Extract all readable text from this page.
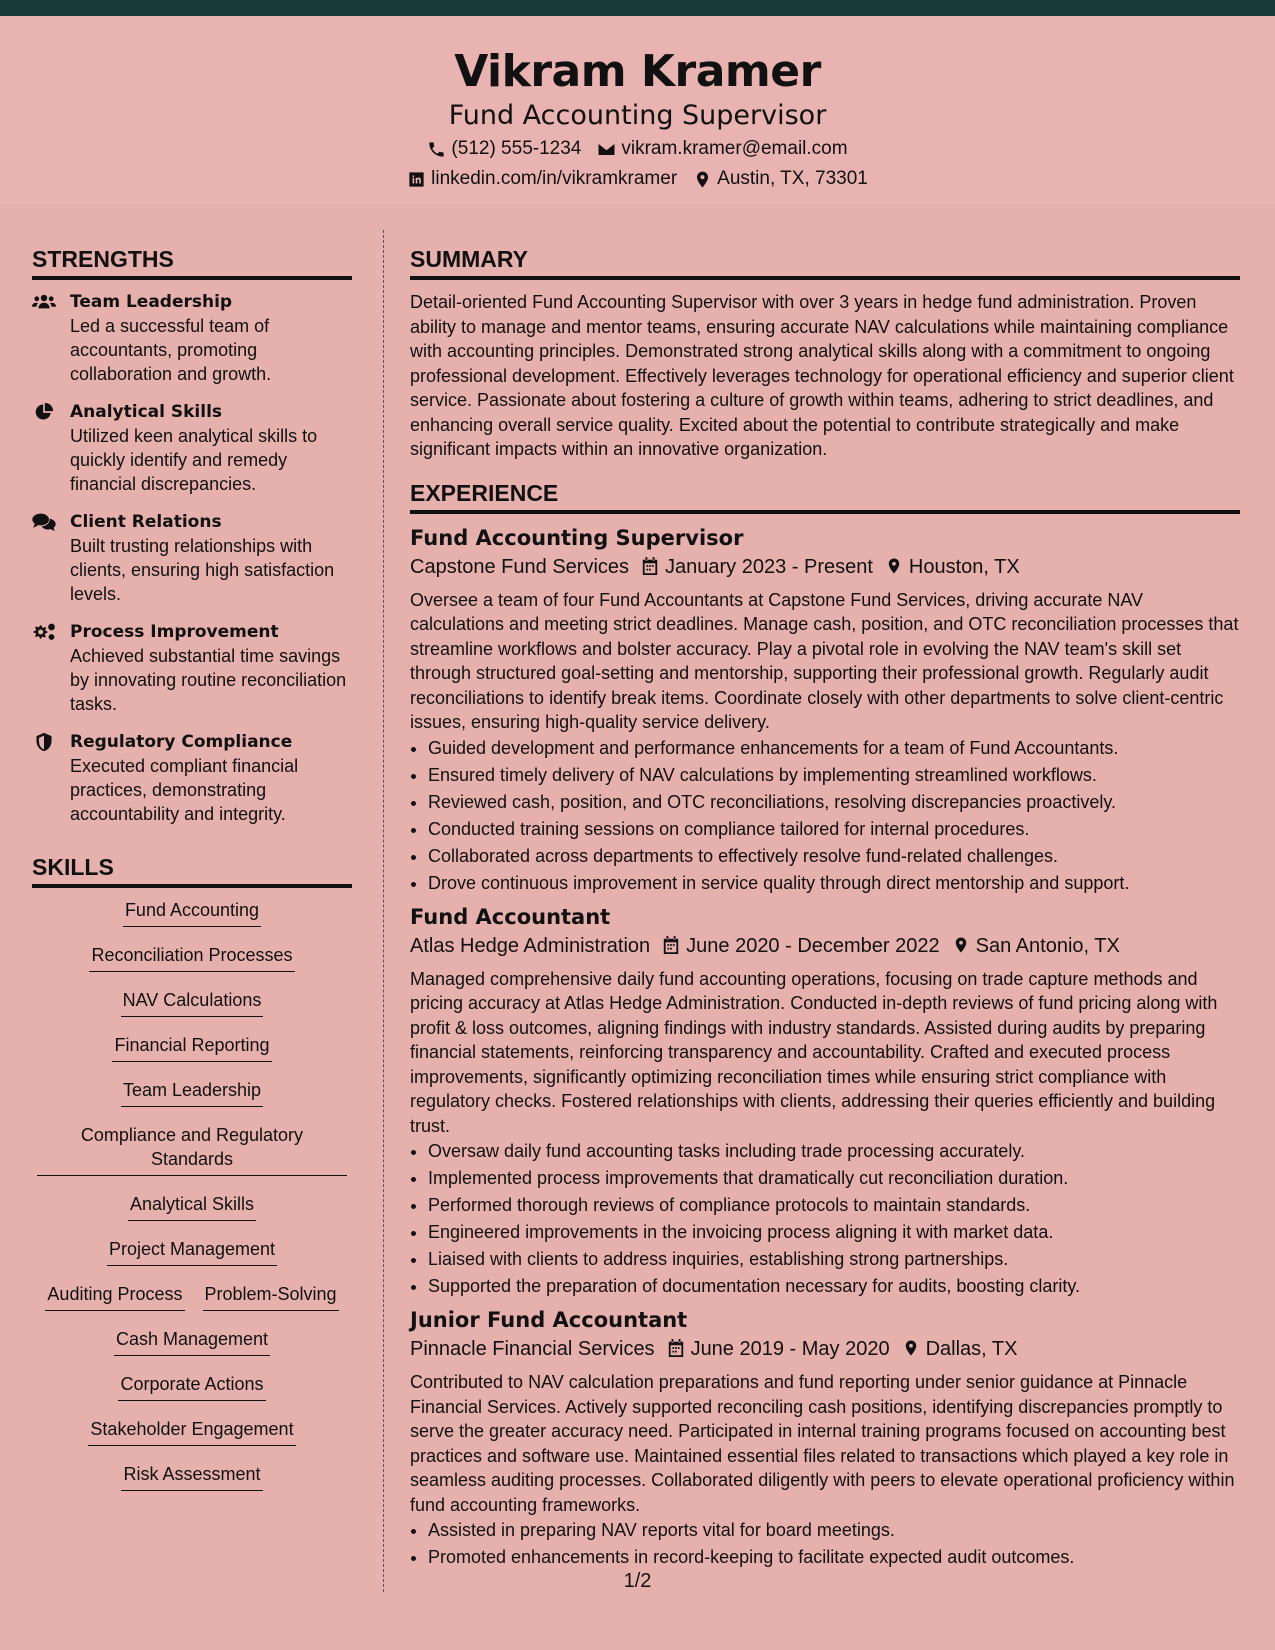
Vikram Kramer
Fund Accounting Supervisor
(512) 555-1234 vikram.kramer@email.com
linkedin.com/in/vikramkramer Austin, TX, 73301
STRENGTHS
Team Leadership
Led a successful team of accountants, promoting collaboration and growth.
Analytical Skills
Utilized keen analytical skills to quickly identify and remedy financial discrepancies.
Client Relations
Built trusting relationships with clients, ensuring high satisfaction levels.
Process Improvement
Achieved substantial time savings by innovating routine reconciliation tasks.
Regulatory Compliance
Executed compliant financial practices, demonstrating accountability and integrity.
SKILLS
Fund Accounting
Reconciliation Processes
NAV Calculations
Financial Reporting
Team Leadership
Compliance and Regulatory Standards
Analytical Skills
Project Management
Auditing Process Problem-Solving
Cash Management
Corporate Actions
Stakeholder Engagement
Risk Assessment
SUMMARY

Detail-oriented Fund Accounting Supervisor with over 3 years in hedge fund administration. Proven ability to manage and mentor teams, ensuring accurate NAV calculations while maintaining compliance with accounting principles. Demonstrated strong analytical skills along with a commitment to ongoing professional development. Effectively leverages technology for operational efficiency and superior client service. Passionate about fostering a culture of growth within teams, adhering to strict deadlines, and enhancing overall service quality. Excited about the potential to contribute strategically and make significant impacts within an innovative organization.

EXPERIENCE
Fund Accounting Supervisor
Capstone Fund Services	January 2023 - Present	Houston, TX

Oversee a team of four Fund Accountants at Capstone Fund Services, driving accurate NAV calculations and meeting strict deadlines. Manage cash, position, and OTC reconciliation processes that streamline workflows and bolster accuracy. Play a pivotal role in evolving the NAV team's skill set through structured goal-setting and mentorship, supporting their professional growth. Regularly audit reconciliations to identify break items. Coordinate closely with other departments to solve client-centric issues, ensuring high-quality service delivery.

• Guided development and performance enhancements for a team of Fund Accountants.
• Ensured timely delivery of NAV calculations by implementing streamlined workflows.
• Reviewed cash, position, and OTC reconciliations, resolving discrepancies proactively.
• Conducted training sessions on compliance tailored for internal procedures.
• Collaborated across departments to effectively resolve fund-related challenges.
• Drove continuous improvement in service quality through direct mentorship and support.
Fund Accountant
Atlas Hedge Administration	June 2020 - December 2022	San Antonio, TX

Managed comprehensive daily fund accounting operations, focusing on trade capture methods and pricing accuracy at Atlas Hedge Administration. Conducted in-depth reviews of fund pricing along with profit & loss outcomes, aligning findings with industry standards. Assisted during audits by preparing financial statements, reinforcing transparency and accountability. Crafted and executed process improvements, significantly optimizing reconciliation times while ensuring strict compliance with regulatory checks. Fostered relationships with clients, addressing their queries efficiently and building trust.

• Oversaw daily fund accounting tasks including trade processing accurately.
• Implemented process improvements that dramatically cut reconciliation duration.
• Performed thorough reviews of compliance protocols to maintain standards.
• Engineered improvements in the invoicing process aligning it with market data.
• Liaised with clients to address inquiries, establishing strong partnerships.
• Supported the preparation of documentation necessary for audits, boosting clarity.
Junior Fund Accountant
Pinnacle Financial Services	June 2019 - May 2020	Dallas, TX

Contributed to NAV calculation preparations and fund reporting under senior guidance at Pinnacle Financial Services. Actively supported reconciling cash positions, identifying discrepancies promptly to serve the greater accuracy need. Participated in internal training programs focused on accounting best practices and software use. Maintained essential files related to transactions which played a key role in seamless auditing processes. Collaborated diligently with peers to elevate operational proficiency within fund accounting frameworks.

• Assisted in preparing NAV reports vital for board meetings.
• Promoted enhancements in record-keeping to facilitate expected audit outcomes.
1/2
